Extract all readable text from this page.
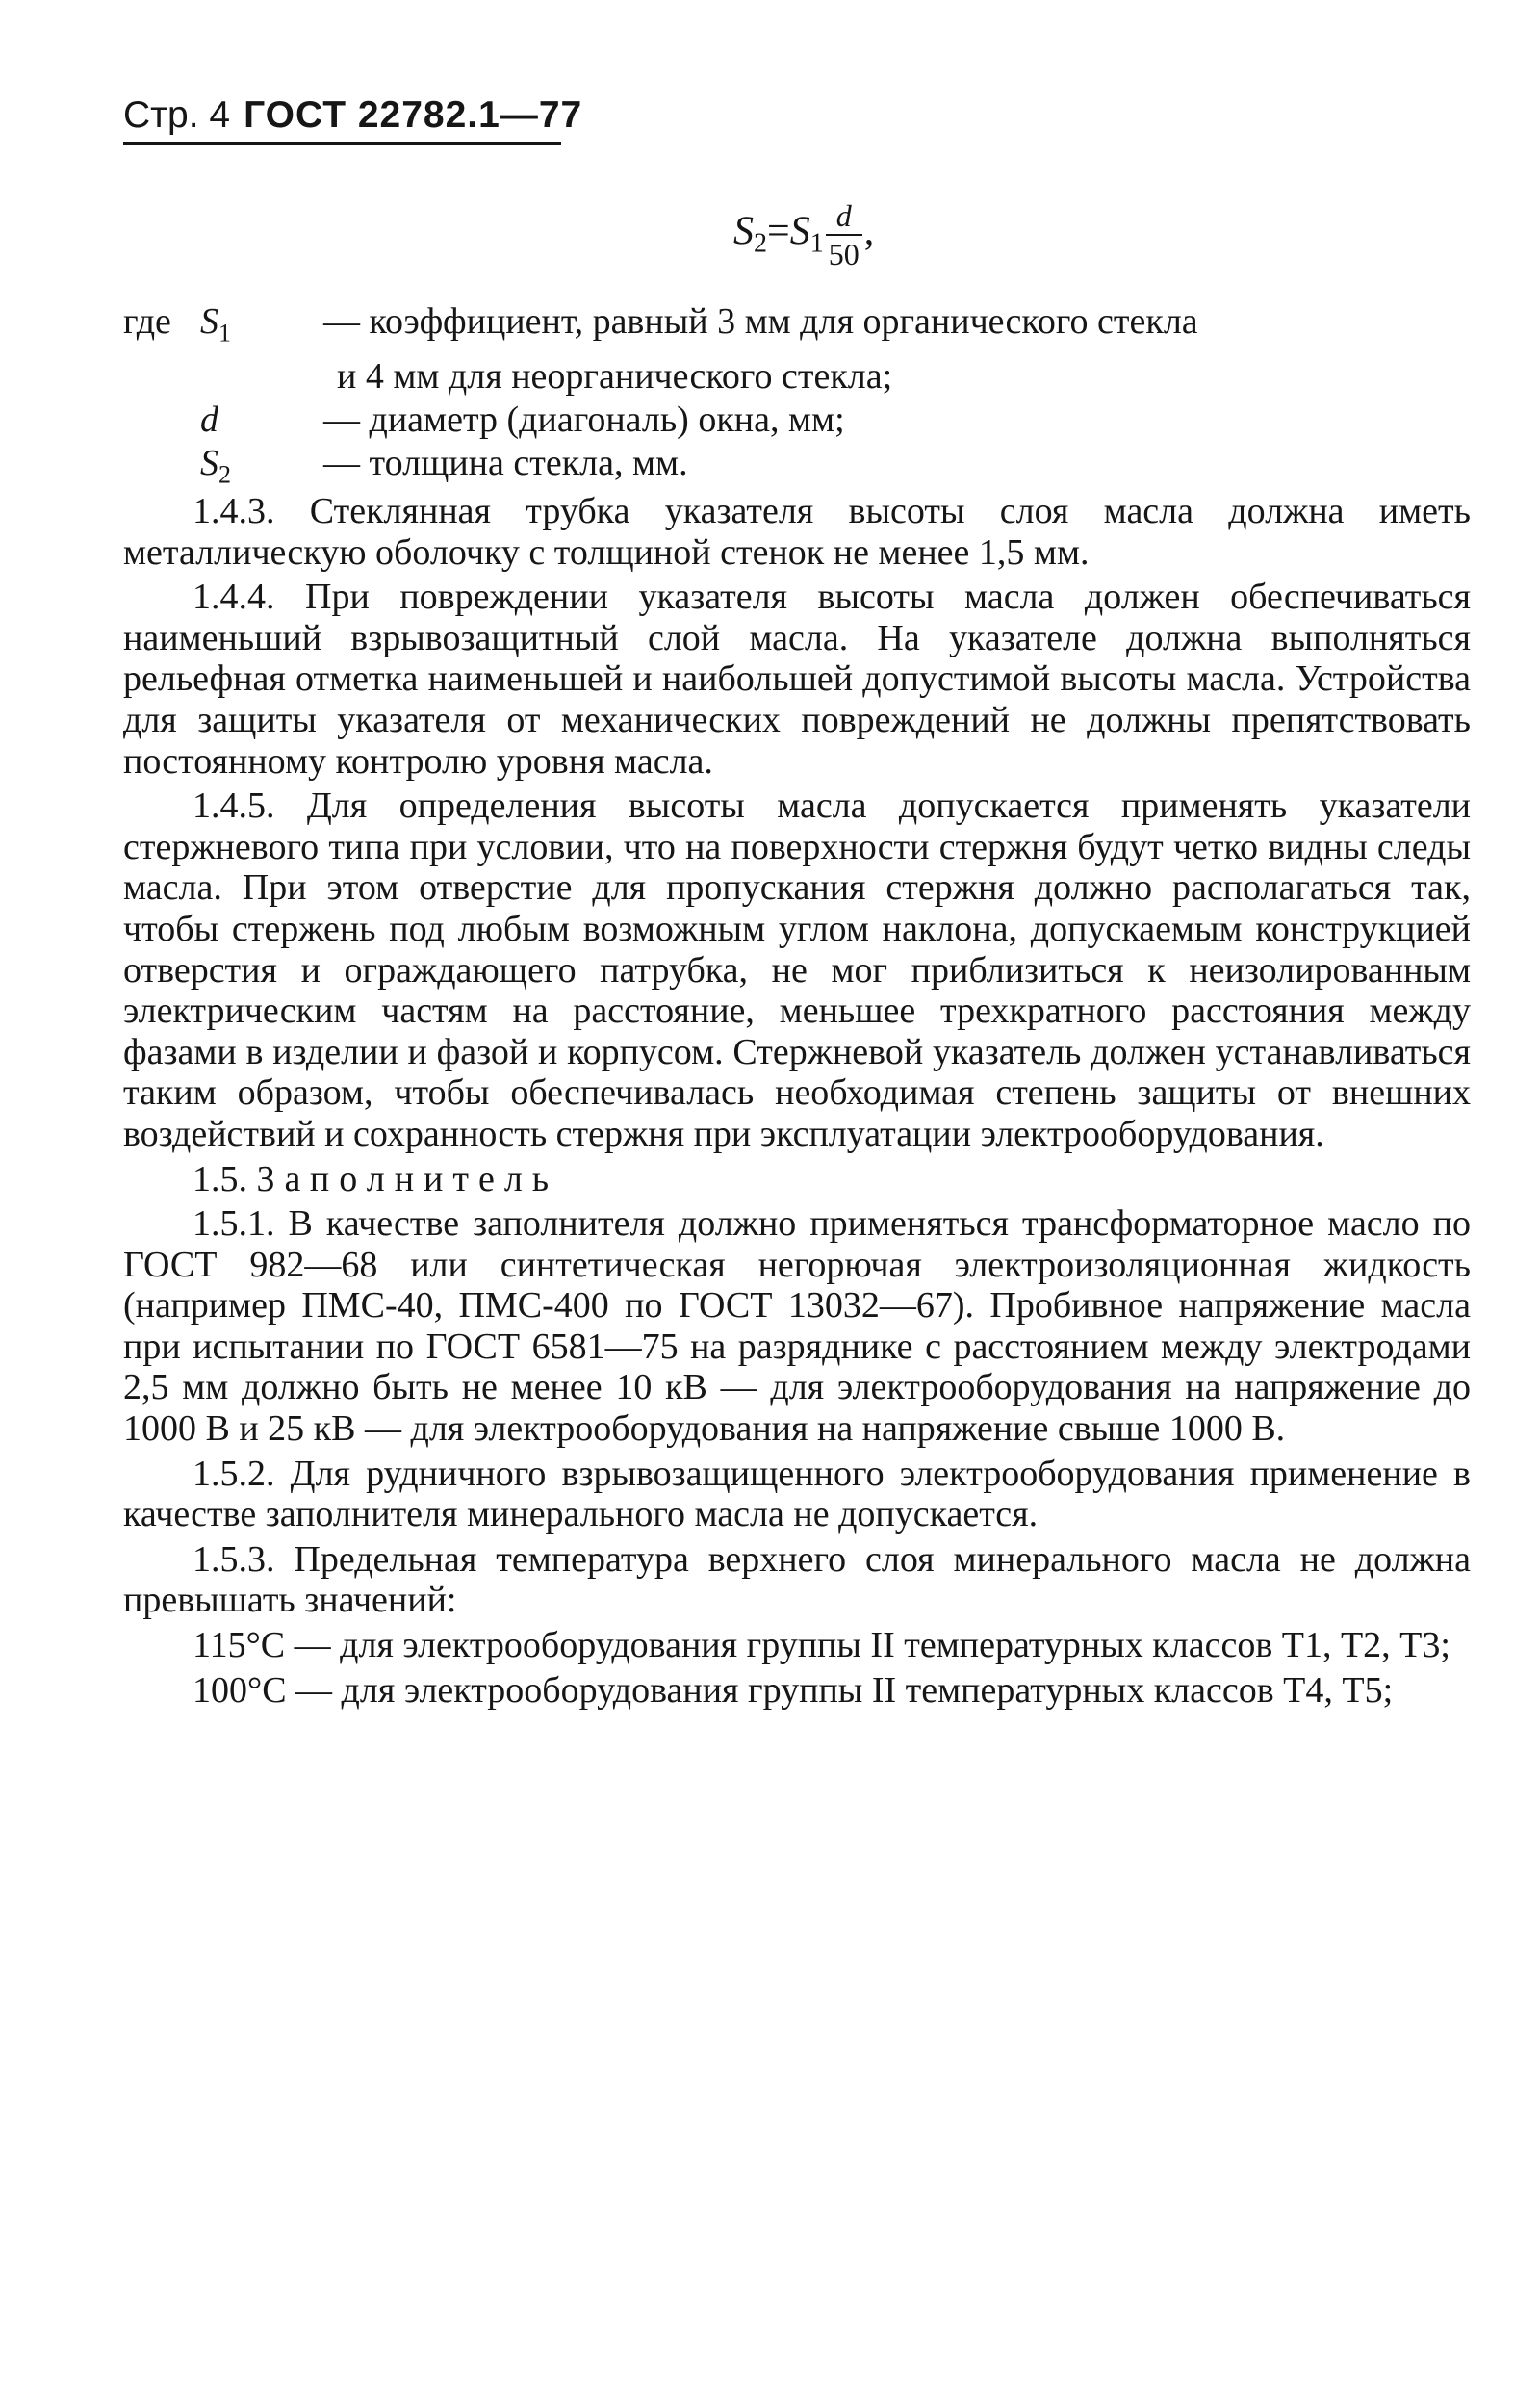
Стр. 4 ГОСТ 22782.1—77
$S_2=S_1 \frac{d}{50}$ ,
где $S_1$	— коэффициент, равный 3 мм для органического стекла
и 4 мм для неорганического стекла;
d	— диаметр (диагональ) окна, мм;
$S_2$	— толщина стекла, мм.

1.4.3. Стеклянная трубка указателя высоты слоя масла должна иметь металлическую оболочку с толщиной стенок не менее 1,5 мм.

1.4.4. При повреждении указателя высоты масла должен обеспечиваться наименьший взрывозащитный слой масла. На указателе должна выполняться рельефная отметка наименьшей и наибольшей допустимой высоты масла. Устройства для защиты указателя от механических повреждений не должны препятствовать постоянному контролю уровня масла.

1.4.5. Для определения высоты масла допускается применять указатели стержневого типа при условии, что на поверхности стержня будут четко видны следы масла. При этом отверстие для пропускания стержня должно располагаться так, чтобы стержень под любым возможным углом наклона, допускаемым конструкцией отверстия и ограждающего патрубка, не мог приблизиться к неизолированным электрическим частям на расстояние, меньшее трехкратного расстояния между фазами в изделии и фазой и корпусом. Стержневой указатель должен устанавливаться таким образом, чтобы обеспечивалась необходимая степень защиты от внешних воздействий и сохранность стержня при эксплуатации электрооборудования.

1.5. Заполнитель

1.5.1. В качестве заполнителя должно применяться трансформаторное масло по ГОСТ 982—68 или синтетическая негорючая электроизоляционная жидкость (например ПМС-40, ПМС-400 по ГОСТ 13032—67). Пробивное напряжение масла при испытании по ГОСТ 6581—75 на разряднике с расстоянием между электродами 2,5 мм должно быть не менее 10 кВ — для электрооборудования на напряжение до 1000 В и 25 кВ — для электрооборудования на напряжение свыше 1000 В.

1.5.2. Для рудничного взрывозащищенного электрооборудования применение в качестве заполнителя минерального масла не допускается.

1.5.3. Предельная температура верхнего слоя минерального масла не должна превышать значений:

115°С — для электрооборудования группы II температурных классов Т1, Т2, Т3;

100°С — для электрооборудования группы II температурных классов Т4, Т5;
